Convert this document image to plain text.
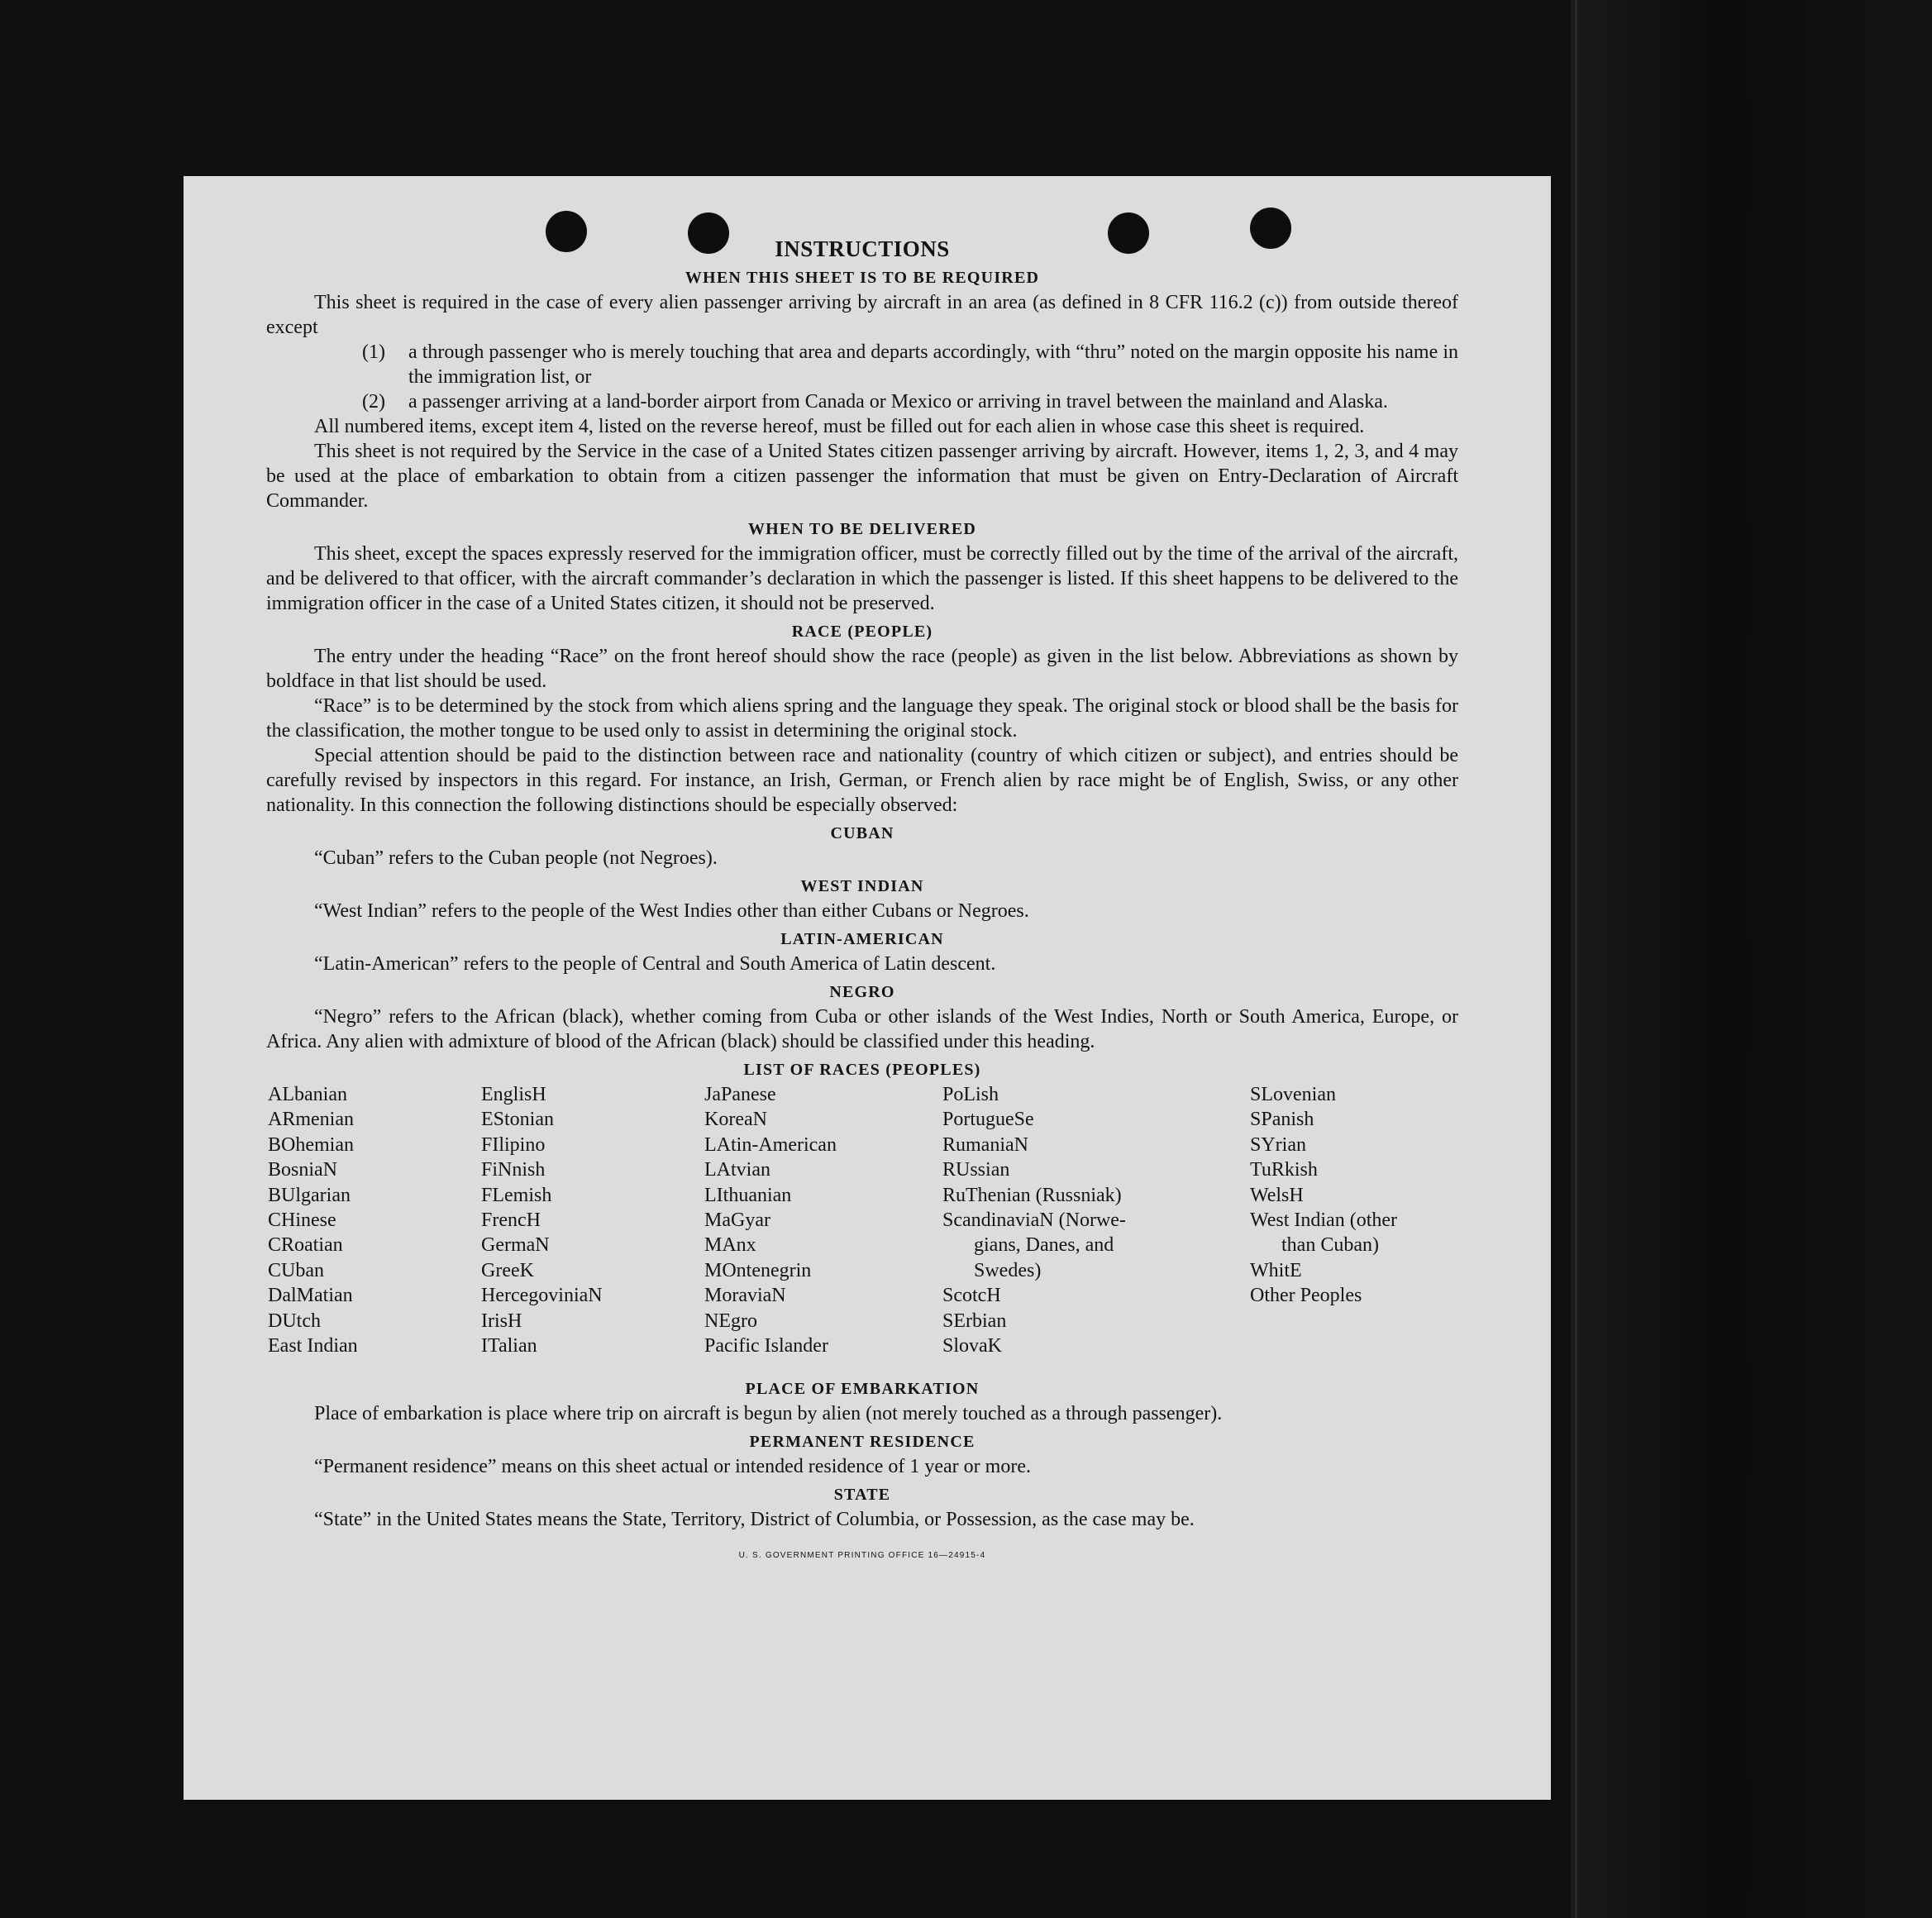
INSTRUCTIONS
WHEN THIS SHEET IS TO BE REQUIRED

This sheet is required in the case of every alien passenger arriving by aircraft in an area (as defined in 8 CFR 116.2 (c)) from outside thereof except

(1)	a through passenger who is merely touching that area and departs accordingly, with “thru” noted on the margin opposite his name in the immigration list, or
(2)	a passenger arriving at a land-border airport from Canada or Mexico or arriving in travel between the mainland and Alaska.

All numbered items, except item 4, listed on the reverse hereof, must be filled out for each alien in whose case this sheet is required.

This sheet is not required by the Service in the case of a United States citizen passenger arriving by aircraft. However, items 1, 2, 3, and 4 may be used at the place of embarkation to obtain from a citizen passenger the information that must be given on Entry-Declaration of Aircraft Commander.

WHEN TO BE DELIVERED

This sheet, except the spaces expressly reserved for the immigration officer, must be correctly filled out by the time of the arrival of the aircraft, and be delivered to that officer, with the aircraft commander’s declaration in which the passenger is listed. If this sheet happens to be delivered to the immigration officer in the case of a United States citizen, it should not be preserved.

RACE (PEOPLE)

The entry under the heading “Race” on the front hereof should show the race (people) as given in the list below. Abbreviations as shown by boldface in that list should be used.

“Race” is to be determined by the stock from which aliens spring and the language they speak. The original stock or blood shall be the basis for the classification, the mother tongue to be used only to assist in determining the original stock.

Special attention should be paid to the distinction between race and nationality (country of which citizen or subject), and entries should be carefully revised by inspectors in this regard. For instance, an Irish, German, or French alien by race might be of English, Swiss, or any other nationality. In this connection the following distinctions should be especially observed:

CUBAN

“Cuban” refers to the Cuban people (not Negroes).

WEST INDIAN

“West Indian” refers to the people of the West Indies other than either Cubans or Negroes.

LATIN-AMERICAN

“Latin-American” refers to the people of Central and South America of Latin descent.

NEGRO

“Negro” refers to the African (black), whether coming from Cuba or other islands of the West Indies, North or South America, Europe, or Africa. Any alien with admixture of blood of the African (black) should be classified under this heading.

LIST OF RACES (PEOPLES)
ALbanian
ARmenian
BOhemian
BosniaN
BUlgarian
CHinese
CRoatian
CUban
DalMatian
DUtch
East Indian
EnglisH
EStonian
FIlipino
FiNnish
FLemish
FrencH
GermaN
GreeK
HercegoviniaN
IrisH
ITalian
JaPanese
KoreaN
LAtin-American
LAtvian
LIthuanian
MaGyar
MAnx
MOntenegrin
MoraviaN
NEgro
Pacific Islander
PoLish
PortugueSe
RumaniaN
RUssian
RuThenian (Russniak)
ScandinaviaN (Norwe-
gians, Danes, and
Swedes)
ScotcH
SErbian
SlovaK
SLovenian
SPanish
SYrian
TuRkish
WelsH
West Indian (other
than Cuban)
WhitE
Other Peoples
PLACE OF EMBARKATION

Place of embarkation is place where trip on aircraft is begun by alien (not merely touched as a through passenger).

PERMANENT RESIDENCE

“Permanent residence” means on this sheet actual or intended residence of 1 year or more.

STATE

“State” in the United States means the State, Territory, District of Columbia, or Possession, as the case may be.

U. S. GOVERNMENT PRINTING OFFICE 16—24915-4
